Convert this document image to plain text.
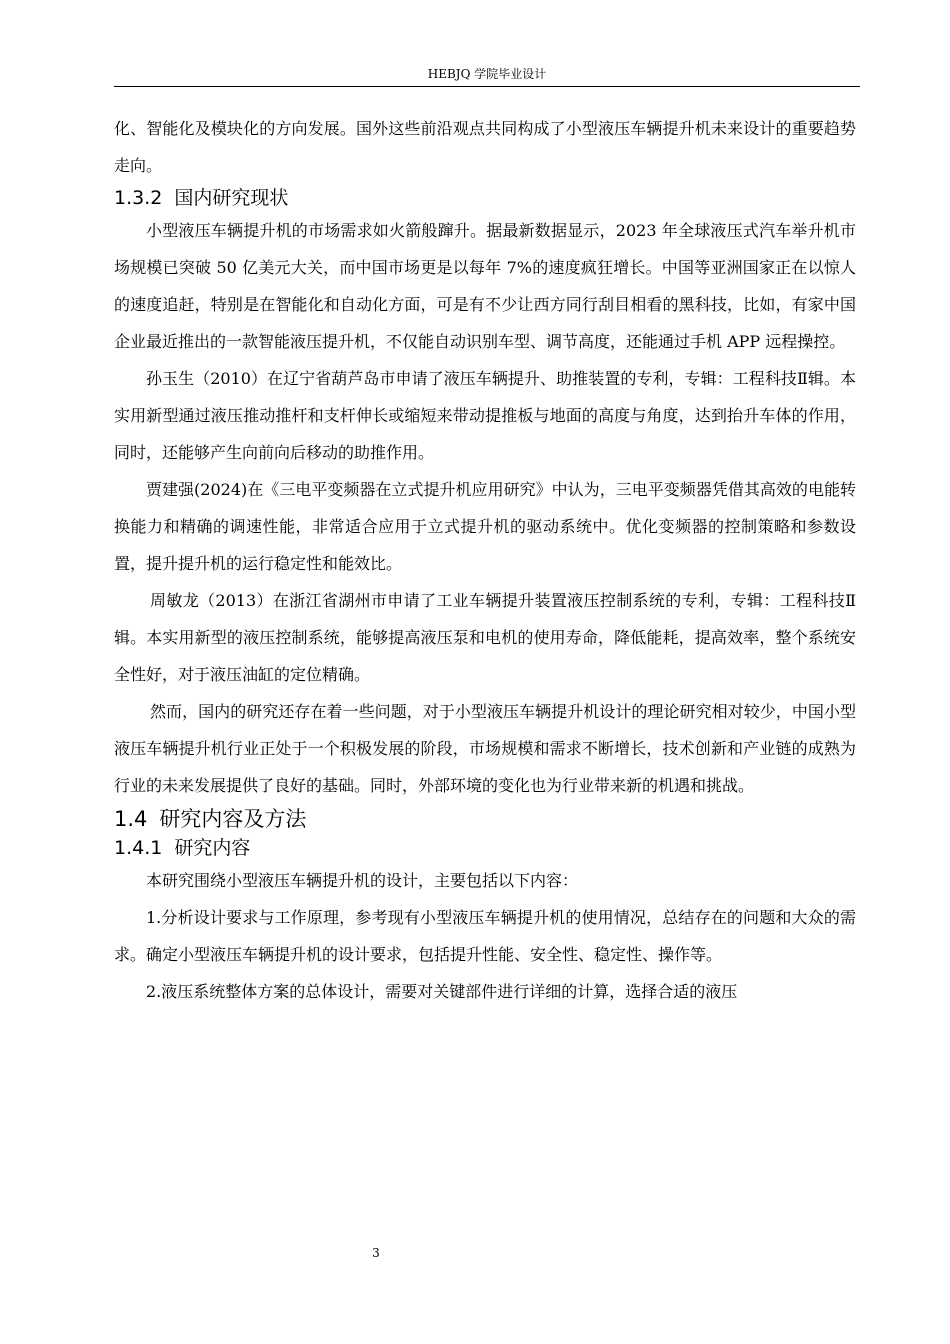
HEBJQ 学院毕业设计

化、智能化及模块化的方向发展。国外这些前沿观点共同构成了小型液压车辆提升机未来设计的重要趋势走向。

1.3.2 国内研究现状

小型液压车辆提升机的市场需求如火箭般蹿升。据最新数据显示，2023 年全球液压式汽车举升机市场规模已突破 50 亿美元大关，而中国市场更是以每年 7%的速度疯狂增长。中国等亚洲国家正在以惊人的速度追赶，特别是在智能化和自动化方面，可是有不少让西方同行刮目相看的黑科技，比如，有家中国企业最近推出的一款智能液压提升机，不仅能自动识别车型、调节高度，还能通过手机 APP 远程操控。

孙玉生（2010）在辽宁省葫芦岛市申请了液压车辆提升、助推装置的专利，专辑：工程科技Ⅱ辑。本实用新型通过液压推动推杆和支杆伸长或缩短来带动提推板与地面的高度与角度，达到抬升车体的作用，同时，还能够产生向前向后移动的助推作用。

贾建强(2024)在《三电平变频器在立式提升机应用研究》中认为，三电平变频器凭借其高效的电能转换能力和精确的调速性能，非常适合应用于立式提升机的驱动系统中。优化变频器的控制策略和参数设置，提升提升机的运行稳定性和能效比。

周敏龙（2013）在浙江省湖州市申请了工业车辆提升装置液压控制系统的专利，专辑：工程科技Ⅱ辑。本实用新型的液压控制系统，能够提高液压泵和电机的使用寿命，降低能耗，提高效率，整个系统安全性好，对于液压油缸的定位精确。

然而，国内的研究还存在着一些问题，对于小型液压车辆提升机设计的理论研究相对较少，中国小型液压车辆提升机行业正处于一个积极发展的阶段，市场规模和需求不断增长，技术创新和产业链的成熟为行业的未来发展提供了良好的基础。同时，外部环境的变化也为行业带来新的机遇和挑战。

1.4 研究内容及方法
1.4.1 研究内容

本研究围绕小型液压车辆提升机的设计，主要包括以下内容：

1.分析设计要求与工作原理，参考现有小型液压车辆提升机的使用情况，总结存在的问题和大众的需求。确定小型液压车辆提升机的设计要求，包括提升性能、安全性、稳定性、操作等。

2.液压系统整体方案的总体设计，需要对关键部件进行详细的计算，选择合适的液压

3
